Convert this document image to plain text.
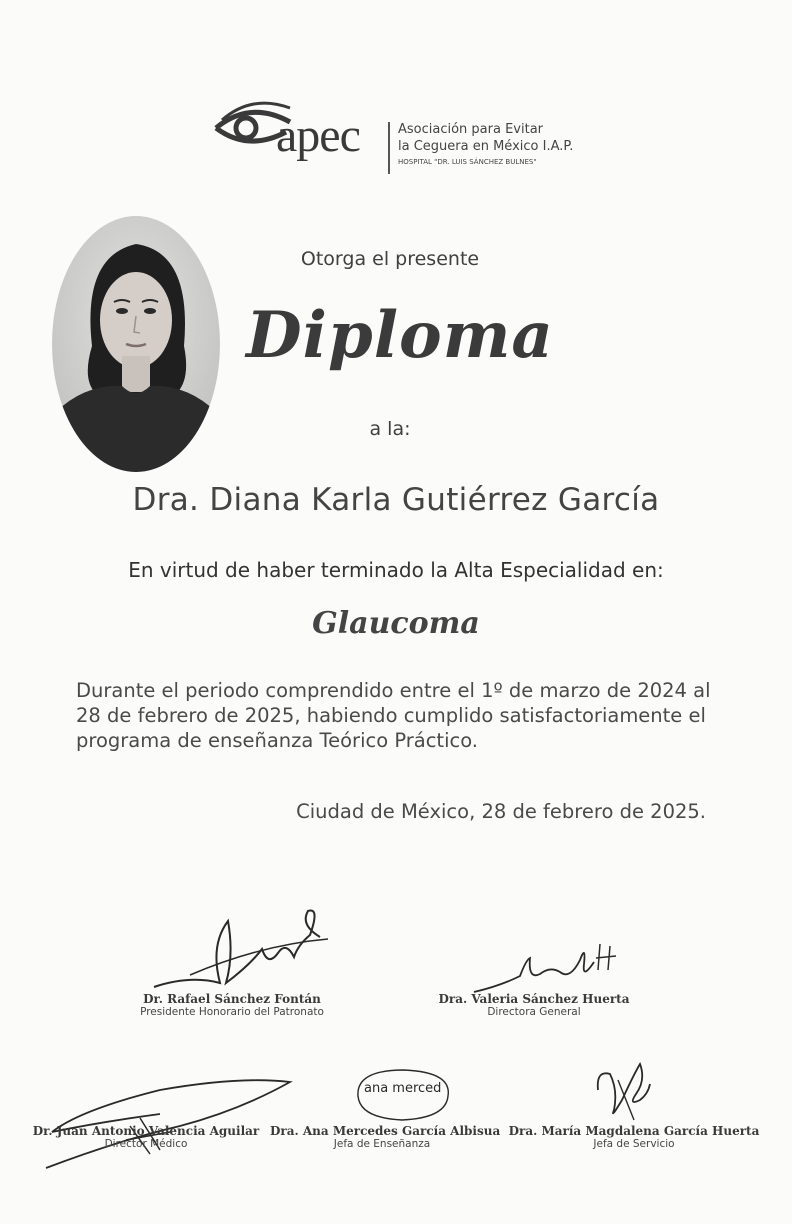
apec	Asociación para Evitar
la Ceguera en México I.A.P.
HOSPITAL "DR. LUIS SÁNCHEZ BULNES"
Otorga el presente
Diploma
a la:
Dra. Diana Karla Gutiérrez García
En virtud de haber terminado la Alta Especialidad en:
Glaucoma
Durante el periodo comprendido entre el 1º de marzo de 2024 al 28 de febrero de 2025, habiendo cumplido satisfactoriamente el programa de enseñanza Teórico Práctico.
Ciudad de México, 28 de febrero de 2025.
Dr. Rafael Sánchez Fontán
Presidente Honorario del Patronato
Dra. Valeria Sánchez Huerta
Directora General
Dr. Juan Antonio Valencia Aguilar
Director Médico
ana merced
Dra. Ana Mercedes García Albisua
Jefa de Enseñanza
Dra. María Magdalena García Huerta
Jefa de Servicio
